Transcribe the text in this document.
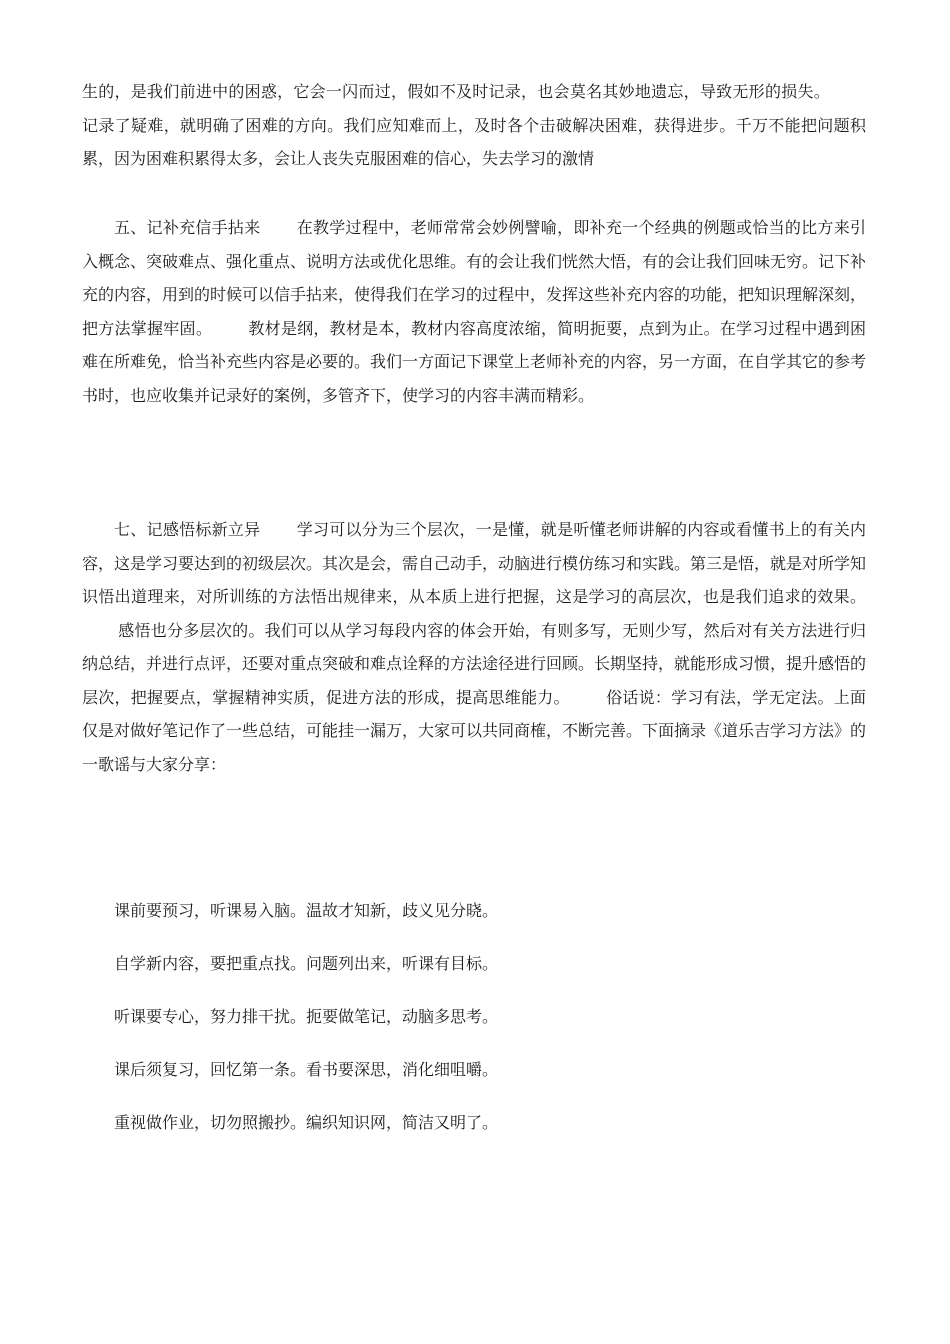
生的，是我们前进中的困惑，它会一闪而过，假如不及时记录，也会莫名其妙地遗忘，导致无形的损失。记录了疑难，就明确了困难的方向。我们应知难而上，及时各个击破解决困难，获得进步。千万不能把问题积累，因为困难积累得太多，会让人丧失克服困难的信心，失去学习的激情

五、记补充信手拈来 在教学过程中，老师常常会妙例譬喻，即补充一个经典的例题或恰当的比方来引入概念、突破难点、强化重点、说明方法或优化思维。有的会让我们恍然大悟，有的会让我们回味无穷。记下补充的内容，用到的时候可以信手拈来，使得我们在学习的过程中，发挥这些补充内容的功能，把知识理解深刻，把方法掌握牢固。 教材是纲，教材是本，教材内容高度浓缩，简明扼要，点到为止。在学习过程中遇到困难在所难免，恰当补充些内容是必要的。我们一方面记下课堂上老师补充的内容，另一方面，在自学其它的参考书时，也应收集并记录好的案例，多管齐下，使学习的内容丰满而精彩。

七、记感悟标新立异 学习可以分为三个层次，一是懂，就是听懂老师讲解的内容或看懂书上的有关内容，这是学习要达到的初级层次。其次是会，需自己动手，动脑进行模仿练习和实践。第三是悟，就是对所学知识悟出道理来，对所训练的方法悟出规律来，从本质上进行把握，这是学习的高层次，也是我们追求的效果。感悟也分多层次的。我们可以从学习每段内容的体会开始，有则多写，无则少写，然后对有关方法进行归纳总结，并进行点评，还要对重点突破和难点诠释的方法途径进行回顾。长期坚持，就能形成习惯，提升感悟的层次，把握要点，掌握精神实质，促进方法的形成，提高思维能力。 俗话说：学习有法，学无定法。上面仅是对做好笔记作了一些总结，可能挂一漏万，大家可以共同商榷，不断完善。下面摘录《道乐吉学习方法》的一歌谣与大家分享：

课前要预习，听课易入脑。温故才知新，歧义见分晓。

自学新内容，要把重点找。问题列出来，听课有目标。

听课要专心，努力排干扰。扼要做笔记，动脑多思考。

课后须复习，回忆第一条。看书要深思，消化细咀嚼。

重视做作业，切勿照搬抄。编织知识网，简洁又明了。
